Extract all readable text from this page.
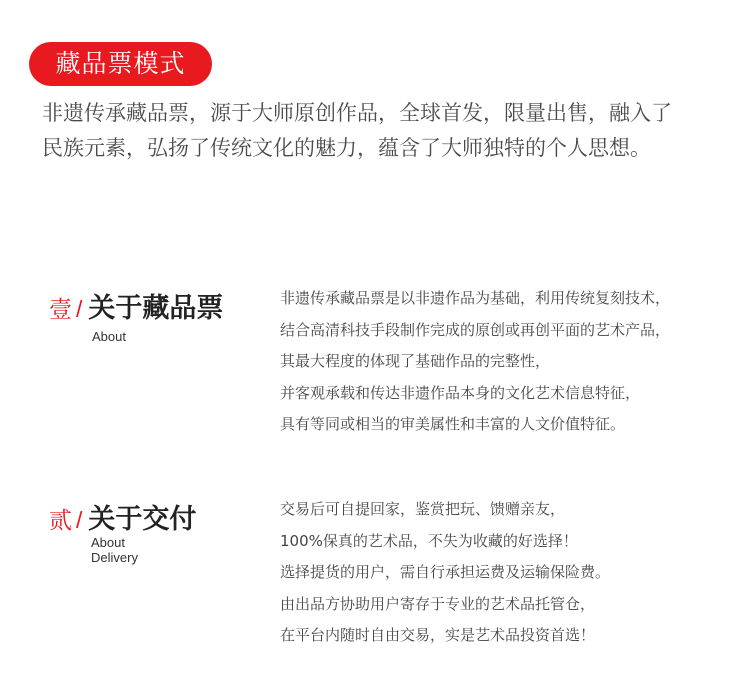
藏品票模式

非遗传承藏品票，源于大师原创作品，全球首发，限量出售，融入了

民族元素，弘扬了传统文化的魅力，蕴含了大师独特的个人思想。

壹 / 关于藏品票
About

非遗传承藏品票是以非遗作品为基础，利用传统复刻技术，

结合高清科技手段制作完成的原创或再创平面的艺术产品，

其最大程度的体现了基础作品的完整性，

并客观承载和传达非遗作品本身的文化艺术信息特征，

具有等同或相当的审美属性和丰富的人文价值特征。

贰 / 关于交付
About
Delivery

交易后可自提回家，鉴赏把玩、馈赠亲友，

100%保真的艺术品，不失为收藏的好选择！

选择提货的用户，需自行承担运费及运输保险费。

由出品方协助用户寄存于专业的艺术品托管仓，

在平台内随时自由交易，实是艺术品投资首选！
